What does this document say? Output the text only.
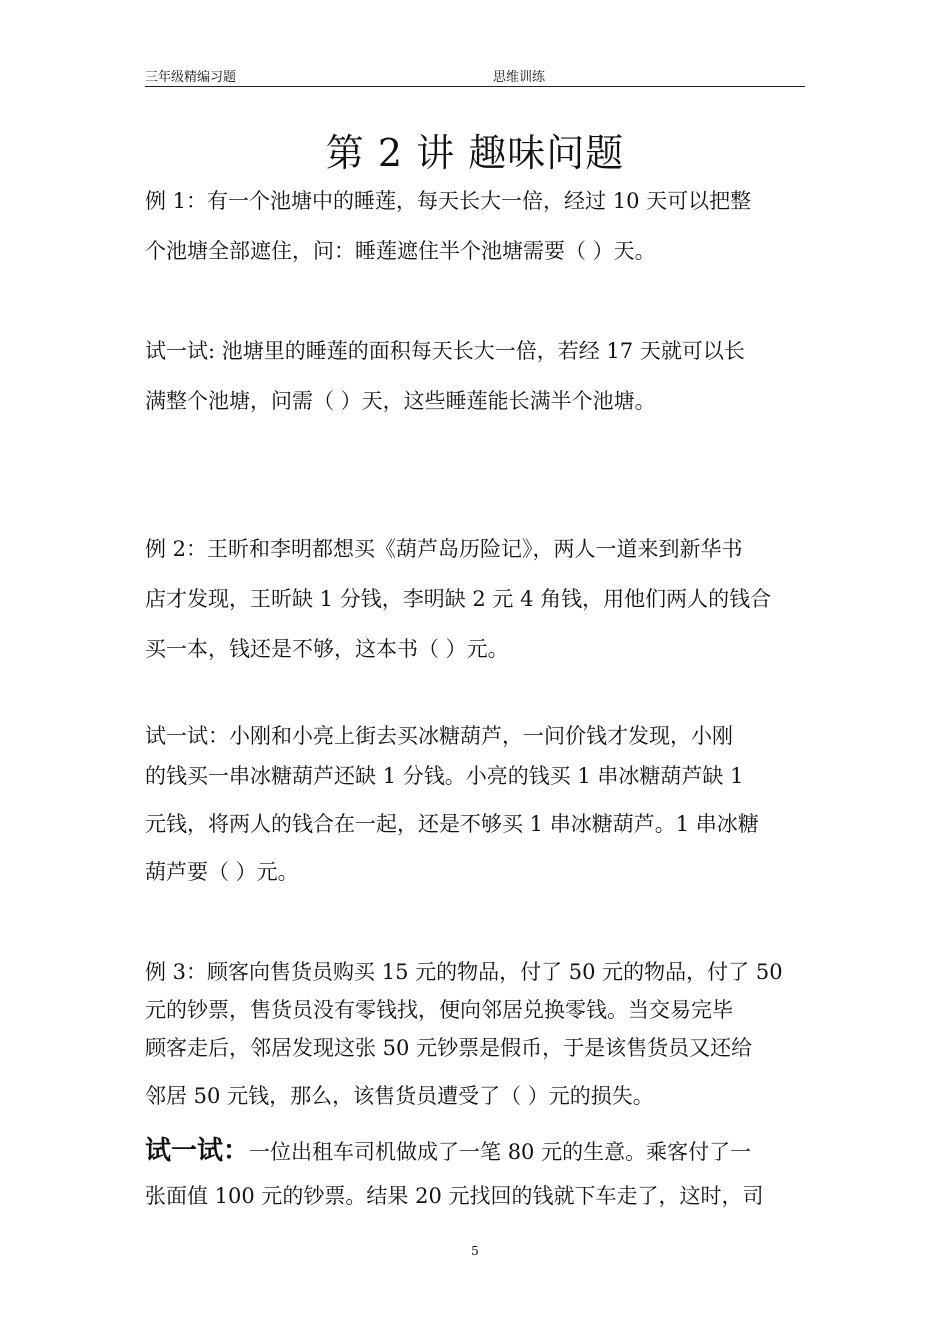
三年级精编习题	思维训练
第 2 讲 趣味问题
例 1：有一个池塘中的睡莲，每天长大一倍，经过 10 天可以把整
个池塘全部遮住，问：睡莲遮住半个池塘需要（ ）天。
试一试: 池塘里的睡莲的面积每天长大一倍，若经 17 天就可以长
满整个池塘，问需（ ）天，这些睡莲能长满半个池塘。
例 2：王昕和李明都想买《葫芦岛历险记》，两人一道来到新华书
店才发现，王昕缺 1 分钱，李明缺 2 元 4 角钱，用他们两人的钱合
买一本，钱还是不够，这本书（ ）元。
试一试：小刚和小亮上街去买冰糖葫芦，一问价钱才发现，小刚
的钱买一串冰糖葫芦还缺 1 分钱。小亮的钱买 1 串冰糖葫芦缺 1
元钱，将两人的钱合在一起，还是不够买 1 串冰糖葫芦。1 串冰糖
葫芦要（ ）元。
例 3：顾客向售货员购买 15 元的物品，付了 50 元的物品，付了 50
元的钞票，售货员没有零钱找，便向邻居兑换零钱。当交易完毕
顾客走后，邻居发现这张 50 元钞票是假币，于是该售货员又还给
邻居 50 元钱，那么，该售货员遭受了（ ）元的损失。
试一试：一位出租车司机做成了一笔 80 元的生意。乘客付了一
张面值 100 元的钞票。结果 20 元找回的钱就下车走了，这时，司
5
